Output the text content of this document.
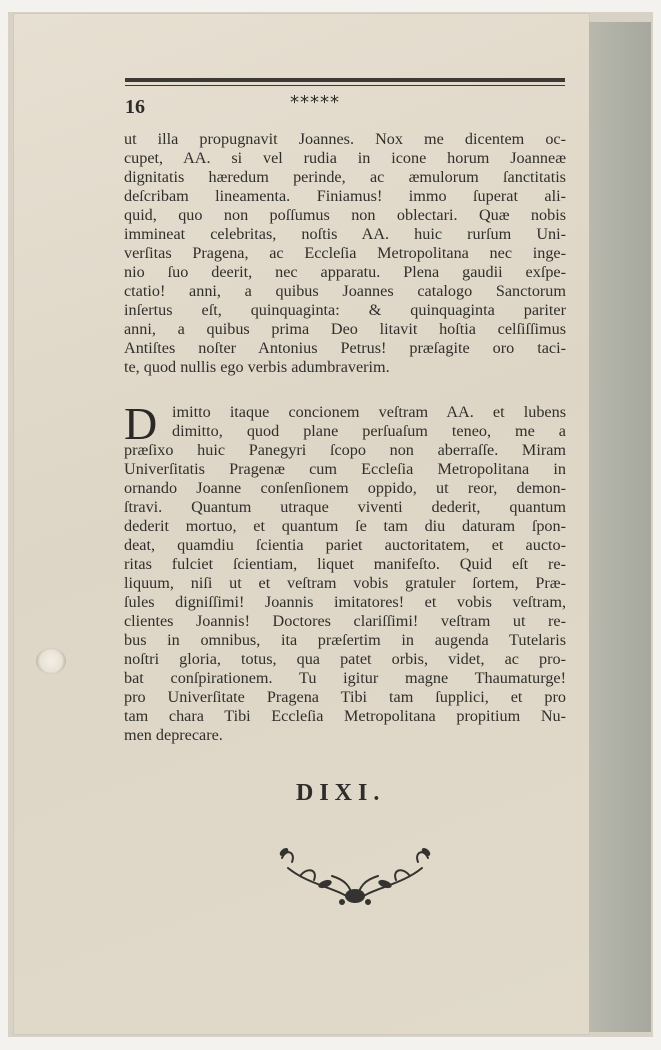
16	*****
ut illa propugnavit Joannes. Nox me dicentem oc-
cupet, AA. si vel rudia in icone horum Joanneæ
dignitatis hæredum perinde, ac æmulorum ſanctitatis
deſcribam lineamenta. Finiamus! immo ſuperat ali-
quid, quo non poſſumus non oblectari. Quæ nobis
immineat celebritas, noſtis AA. huic rurſum Uni-
verſitas Pragena, ac Eccleſia Metropolitana nec inge-
nio ſuo deerit, nec apparatu. Plena gaudii exſpe-
ctatio! anni, a quibus Joannes catalogo Sanctorum
inſertus eſt, quinquaginta: & quinquaginta pariter
anni, a quibus prima Deo litavit hoſtia celſiſſimus
Antiſtes noſter Antonius Petrus! præſagite oro taci-
te, quod nullis ego verbis adumbraverim.
D imitto itaque concionem veſtram AA. et lubens
dimitto, quod plane perſuaſum teneo, me a
præſixo huic Panegyri ſcopo non aberraſſe. Miram
Univerſitatis Pragenæ cum Eccleſia Metropolitana in
ornando Joanne conſenſionem oppido, ut reor, demon-
ſtravi. Quantum utraque viventi dederit, quantum
dederit mortuo, et quantum ſe tam diu daturam ſpon-
deat, quamdiu ſcientia pariet auctoritatem, et aucto-
ritas fulciet ſcientiam, liquet manifeſto. Quid eſt re-
liquum, niſi ut et veſtram vobis gratuler ſortem, Præ-
ſules digniſſimi! Joannis imitatores! et vobis veſtram,
clientes Joannis! Doctores clariſſimi! veſtram ut re-
bus in omnibus, ita præſertim in augenda Tutelaris
noſtri gloria, totus, qua patet orbis, videt, ac pro-
bat conſpirationem. Tu igitur magne Thaumaturge!
pro Univerſitate Pragena Tibi tam ſupplici, et pro
tam chara Tibi Eccleſia Metropolitana propitium Nu-
men deprecare.
DIXI.
